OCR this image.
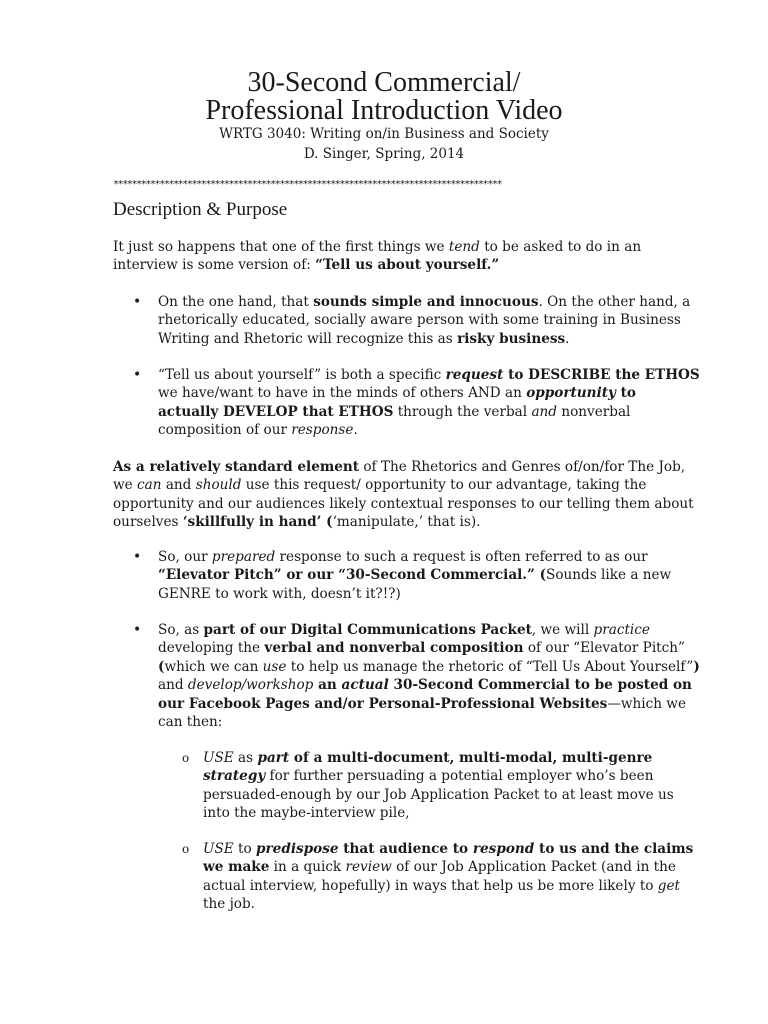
30-Second Commercial/
Professional Introduction Video
WRTG 3040: Writing on/in Business and Society
D. Singer, Spring, 2014
************************************************************************************
Description & Purpose

It just so happens that one of the first things we tend to be asked to do in an

interview is some version of: “Tell us about yourself.”

• On the one hand, that sounds simple and innocuous. On the other hand, a

rhetorically educated, socially aware person with some training in Business

Writing and Rhetoric will recognize this as risky business.

• “Tell us about yourself” is both a specific request to DESCRIBE the ETHOS

we have/want to have in the minds of others AND an opportunity to

actually DEVELOP that ETHOS through the verbal and nonverbal

composition of our response.

As a relatively standard element of The Rhetorics and Genres of/on/for The Job,

we can and should use this request/ opportunity to our advantage, taking the

opportunity and our audiences likely contextual responses to our telling them about

ourselves ‘skillfully in hand’ (‘manipulate,’ that is).

• So, our prepared response to such a request is often referred to as our

“Elevator Pitch” or our “30-Second Commercial.” (Sounds like a new

GENRE to work with, doesn’t it?!?)

• So, as part of our Digital Communications Packet, we will practice

developing the verbal and nonverbal composition of our “Elevator Pitch”

(which we can use to help us manage the rhetoric of “Tell Us About Yourself”)

and develop/workshop an actual 30-Second Commercial to be posted on

our Facebook Pages and/or Personal-Professional Websites—which we

can then:

o USE as part of a multi-document, multi-modal, multi-genre

strategy for further persuading a potential employer who’s been

persuaded-enough by our Job Application Packet to at least move us

into the maybe-interview pile,

o USE to predispose that audience to respond to us and the claims

we make in a quick review of our Job Application Packet (and in the

actual interview, hopefully) in ways that help us be more likely to get

the job.
